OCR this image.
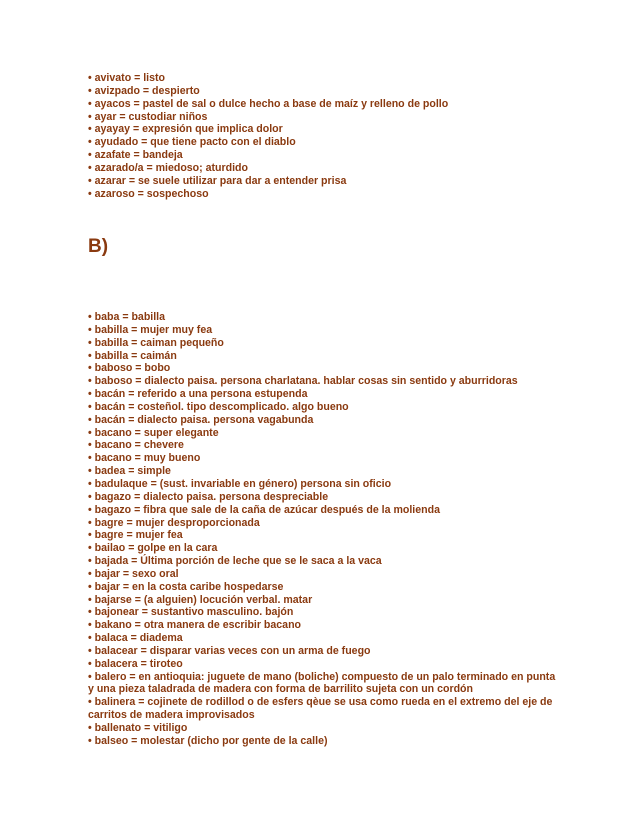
• avivato = listo
• avizpado = despierto
• ayacos = pastel de sal o dulce hecho a base de maíz y relleno de pollo
• ayar = custodiar niños
• ayayay = expresión que implica dolor
• ayudado = que tiene pacto con el diablo
• azafate = bandeja
• azarado/a = miedoso; aturdido
• azarar = se suele utilizar para dar a entender prisa
• azaroso = sospechoso
B)
• baba = babilla
• babilla = mujer muy fea
• babilla = caiman pequeño
• babilla = caimán
• baboso = bobo
• baboso = dialecto paisa. persona charlatana. hablar cosas sin sentido y aburridoras
• bacán = referido a una persona estupenda
• bacán = costeñol. tipo descomplicado. algo bueno
• bacán = dialecto paisa. persona vagabunda
• bacano = super elegante
• bacano = chevere
• bacano = muy bueno
• badea = simple
• badulaque = (sust. invariable en género) persona sin oficio
• bagazo = dialecto paisa. persona despreciable
• bagazo = fibra que sale de la caña de azúcar después de la molienda
• bagre = mujer desproporcionada
• bagre = mujer fea
• bailao = golpe en la cara
• bajada = Última porción de leche que se le saca a la vaca
• bajar = sexo oral
• bajar = en la costa caribe hospedarse
• bajarse = (a alguien) locución verbal. matar
• bajonear = sustantivo masculino. bajón
• bakano = otra manera de escribir bacano
• balaca = diadema
• balacear = disparar varias veces con un arma de fuego
• balacera = tiroteo
• balero = en antioquia: juguete de mano (boliche) compuesto de un palo terminado en punta y una pieza taladrada de madera con forma de barrilito sujeta con un cordón
• balinera = cojinete de rodillod o de esfers qèue se usa como rueda en el extremo del eje de carritos de madera improvisados
• ballenato = vitiligo
• balseo = molestar (dicho por gente de la calle)
